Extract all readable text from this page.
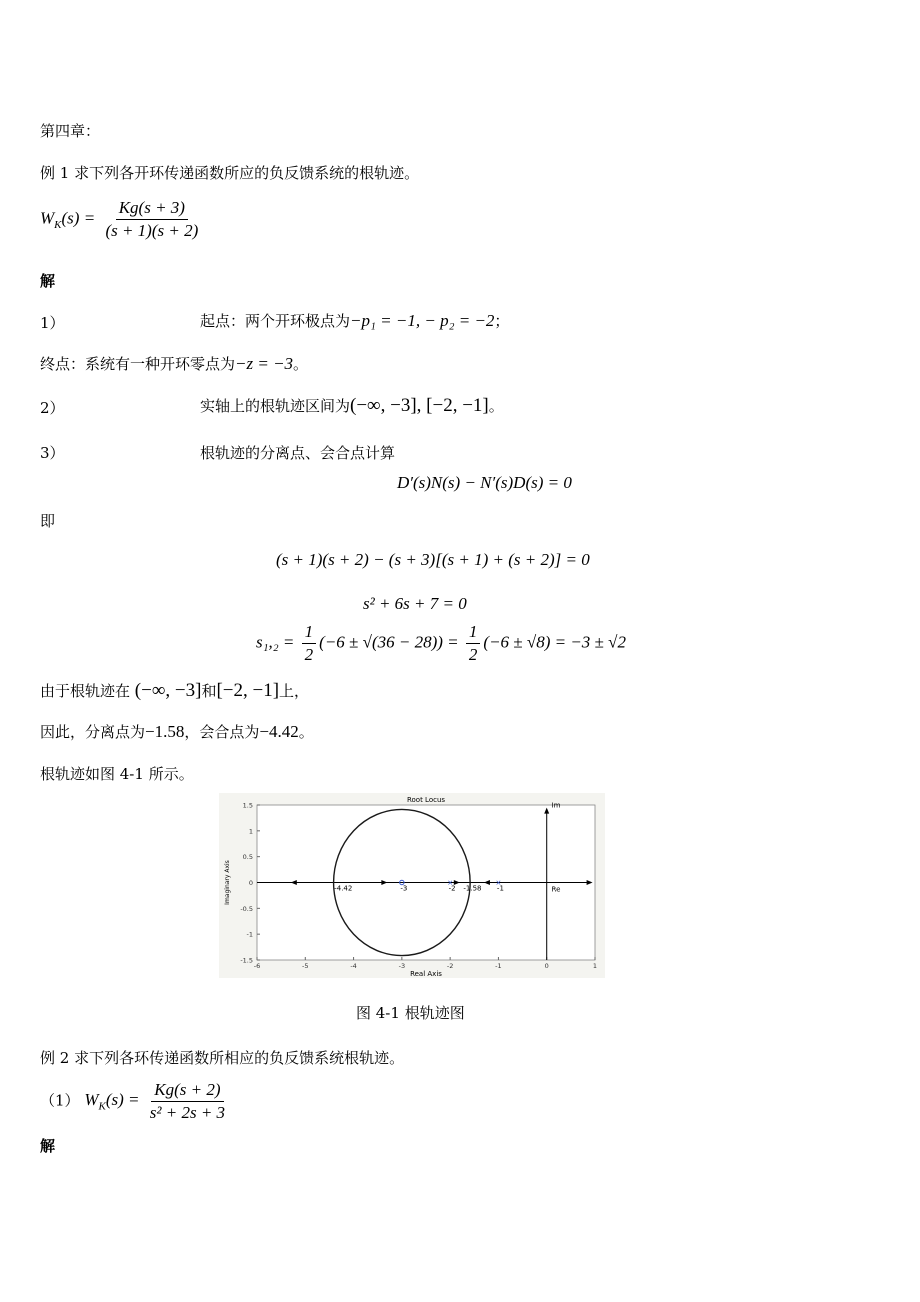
第四章：
例 1 求下列各开环传递函数所应的负反馈系统的根轨迹。
$W_K(s) = \frac{Kg(s + 3)}{(s + 1)(s + 2)}$
解
1）	起点：两个开环极点为−p₁ = −1, − p₂ = −2；
终点：系统有一种开环零点为−z = −3。
2）	实轴上的根轨迹区间为(−∞, −3], [−2, −1]。
3）	根轨迹的分离点、会合点计算
D′(s)N(s) − N′(s)D(s) = 0
即
(s + 1)(s + 2) − (s + 3)[(s + 1) + (s + 2)] = 0
s² + 6s + 7 = 0
$s_1,_2 = \frac{1}{2} (-6 \pm √(36 - 28)) = \frac{1}{2} (-6 \pm √8) = -3 \pm √2$
由于根轨迹在 (−∞, −3]和[−2, −1]上，
因此，分离点为−1.58，会合点为−4.42。
根轨迹如图 4-1 所示。
Root Locus
Real Axis
Imaginary Axis
-6	-5	-4	-3	-2	-1	0	1
1.5
1
0.5
0
-0.5
-1
-1.5
Re
Im
×
×
-4.42	-3	-2 -1.58 -1
图 4-1 根轨迹图
例 2 求下列各环传递函数所相应的负反馈系统根轨迹。
（1） $W_K(s) = \frac{Kg(s + 2)}{\text{s² + 2s + 3}}$
解
